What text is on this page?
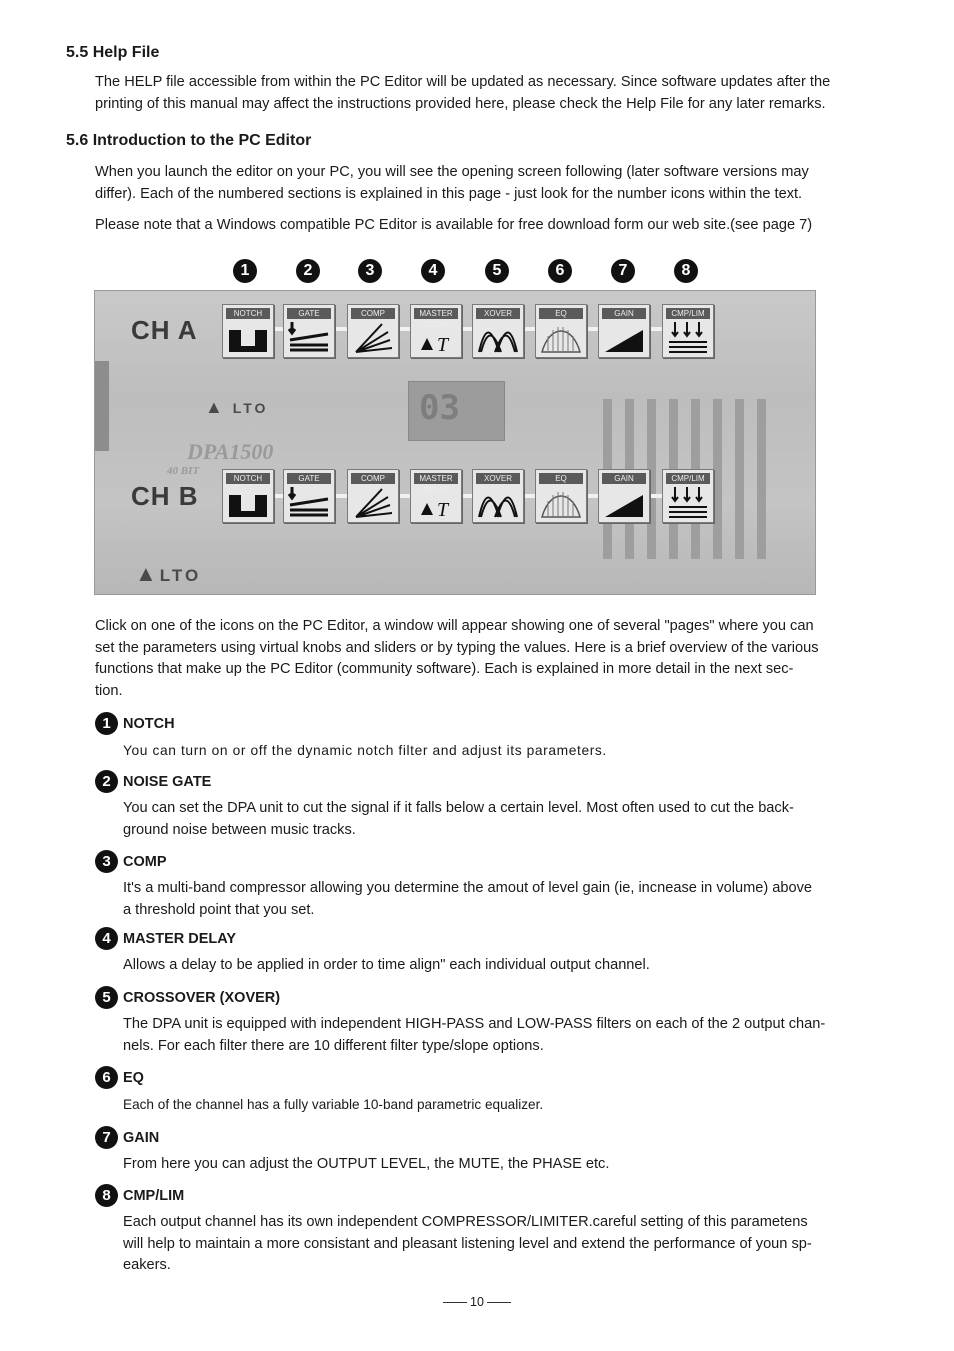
5.5 Help File

The HELP file accessible from within the PC Editor will be updated as necessary. Since software updates after the
printing of this manual may affect the instructions provided here, please check the Help File for any later remarks.

5.6 Introduction to the PC Editor

When you launch the editor on your PC, you will see the opening screen following (later software versions may
differ). Each of the numbered sections is explained in this page - just look for the number icons within the text.

Please note that a Windows compatible PC Editor is available for free download form our web site.(see page 7)

1	2	3	4	5	6	7	8
CH A
CH B
▲ LTO
DPA1500
40 BIT
▲LTO
03
NOTCH	GATE	COMP	MASTER DELAY
T
XOVER	EQ	GAIN	CMP/LIM
NOTCH	GATE	COMP	MASTER DELAY
T
XOVER	EQ	GAIN	CMP/LIM

Click on one of the icons on the PC Editor, a window will appear showing one of several "pages" where you can
set the parameters using virtual knobs and sliders or by typing the values. Here is a brief overview of the various
functions that make up the PC Editor (community software). Each is explained in more detail in the next sec-
tion.

1 NOTCH

You can turn on or off the dynamic notch filter and adjust its parameters.

2 NOISE GATE

You can set the DPA unit to cut the signal if it falls below a certain level. Most often used to cut the back-
ground noise between music tracks.

3 COMP

It's a multi-band compressor allowing you determine the amout of level gain (ie, incnease in volume) above
a threshold point that you set.

4 MASTER DELAY

Allows a delay to be applied in order to time align" each individual output channel.

5 CROSSOVER (XOVER)

The DPA unit is equipped with independent HIGH-PASS and LOW-PASS filters on each of the 2 output chan-
nels. For each filter there are 10 different filter type/slope options.

6 EQ

Each of the channel has a fully variable 10-band parametric equalizer.

7 GAIN

From here you can adjust the OUTPUT LEVEL, the MUTE, the PHASE etc.

8 CMP/LIM

Each output channel has its own independent COMPRESSOR/LIMITER.careful setting of this parametens
will help to maintain a more consistant and pleasant listening level and extend the performance of youn sp-
eakers.

10
